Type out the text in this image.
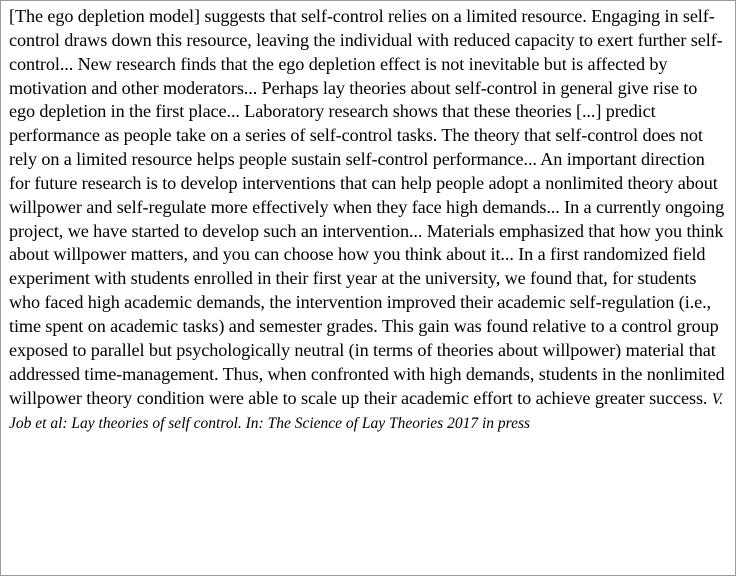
[The ego depletion model] suggests that self-control relies on a limited resource. Engaging in self-control draws down this resource, leaving the individual with reduced capacity to exert further self-control... New research finds that the ego depletion effect is not inevitable but is affected by motivation and other moderators... Perhaps lay theories about self-control in general give rise to ego depletion in the first place... Laboratory research shows that these theories [...] predict performance as people take on a series of self-control tasks. The theory that self-control does not rely on a limited resource helps people sustain self-control performance... An important direction for future research is to develop interventions that can help people adopt a nonlimited theory about willpower and self-regulate more effectively when they face high demands... In a currently ongoing project, we have started to develop such an intervention... Materials emphasized that how you think about willpower matters, and you can choose how you think about it... In a first randomized field experiment with students enrolled in their first year at the university, we found that, for students who faced high academic demands, the intervention improved their academic self-regulation (i.e., time spent on academic tasks) and semester grades. This gain was found relative to a control group exposed to parallel but psychologically neutral (in terms of theories about willpower) material that addressed time-management. Thus, when confronted with high demands, students in the nonlimited willpower theory condition were able to scale up their academic effort to achieve greater success. V. Job et al: Lay theories of self control. In: The Science of Lay Theories 2017 in press
